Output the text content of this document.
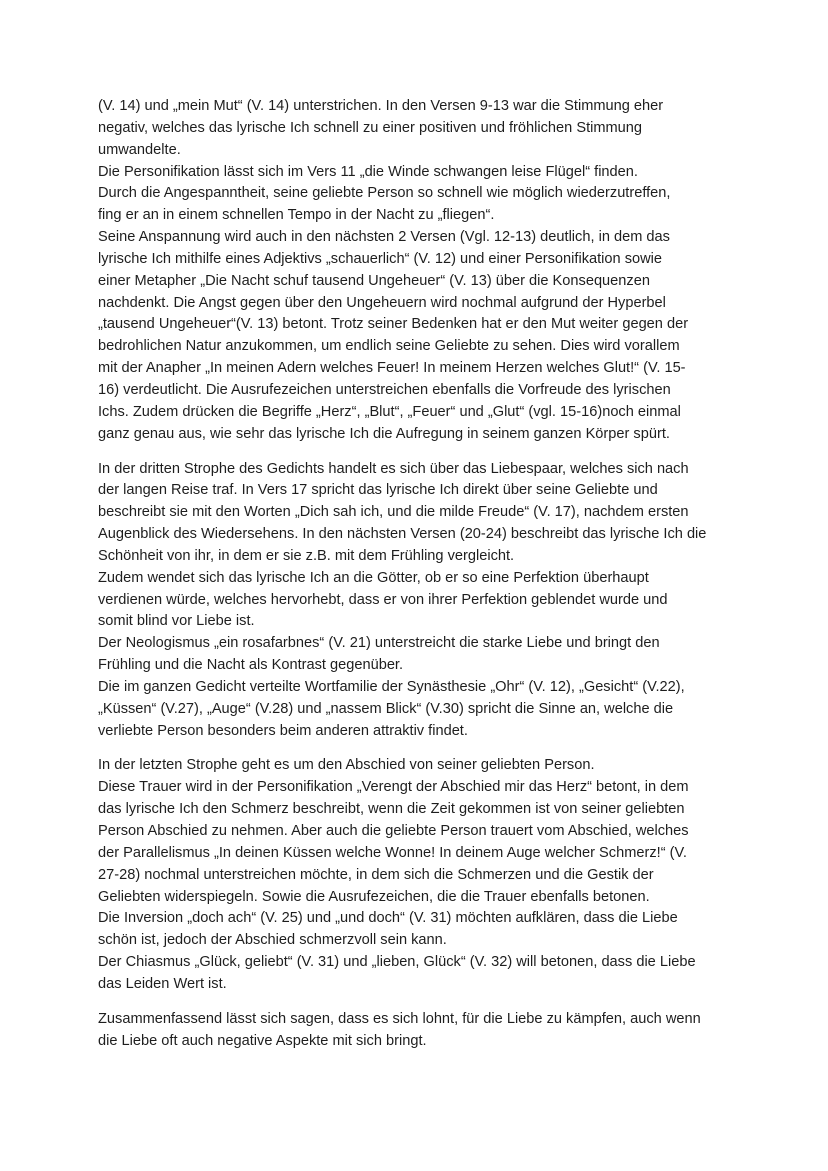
(V. 14) und „mein Mut“ (V. 14) unterstrichen. In den Versen 9-13 war die Stimmung eher
negativ, welches das lyrische Ich schnell zu einer positiven und fröhlichen Stimmung
umwandelte.
Die Personifikation lässt sich im Vers 11 „die Winde schwangen leise Flügel“ finden.
Durch die Angespanntheit, seine geliebte Person so schnell wie möglich wiederzutreffen,
fing er an in einem schnellen Tempo in der Nacht zu „fliegen“.
Seine Anspannung wird auch in den nächsten 2 Versen (Vgl. 12-13) deutlich, in dem das
lyrische Ich mithilfe eines Adjektivs „schauerlich“ (V. 12) und einer Personifikation sowie
einer Metapher „Die Nacht schuf tausend Ungeheuer“ (V. 13) über die Konsequenzen
nachdenkt. Die Angst gegen über den Ungeheuern wird nochmal aufgrund der Hyperbel
„tausend Ungeheuer“(V. 13) betont. Trotz seiner Bedenken hat er den Mut weiter gegen der
bedrohlichen Natur anzukommen, um endlich seine Geliebte zu sehen. Dies wird vorallem
mit der Anapher „In meinen Adern welches Feuer! In meinem Herzen welches Glut!“ (V. 15-
16) verdeutlicht. Die Ausrufezeichen unterstreichen ebenfalls die Vorfreude des lyrischen
Ichs. Zudem drücken die Begriffe „Herz“, „Blut“, „Feuer“ und „Glut“ (vgl. 15-16)noch einmal
ganz genau aus, wie sehr das lyrische Ich die Aufregung in seinem ganzen Körper spürt.
In der dritten Strophe des Gedichts handelt es sich über das Liebespaar, welches sich nach
der langen Reise traf. In Vers 17 spricht das lyrische Ich direkt über seine Geliebte und
beschreibt sie mit den Worten „Dich sah ich, und die milde Freude“ (V. 17), nachdem ersten
Augenblick des Wiedersehens. In den nächsten Versen (20-24) beschreibt das lyrische Ich die
Schönheit von ihr, in dem er sie z.B. mit dem Frühling vergleicht.
Zudem wendet sich das lyrische Ich an die Götter, ob er so eine Perfektion überhaupt
verdienen würde, welches hervorhebt, dass er von ihrer Perfektion geblendet wurde und
somit blind vor Liebe ist.
Der Neologismus „ein rosafarbnes“ (V. 21) unterstreicht die starke Liebe und bringt den
Frühling und die Nacht als Kontrast gegenüber.
Die im ganzen Gedicht verteilte Wortfamilie der Synästhesie „Ohr“ (V. 12), „Gesicht“ (V.22),
„Küssen“ (V.27), „Auge“ (V.28) und „nassem Blick“ (V.30) spricht die Sinne an, welche die
verliebte Person besonders beim anderen attraktiv findet.
In der letzten Strophe geht es um den Abschied von seiner geliebten Person.
Diese Trauer wird in der Personifikation „Verengt der Abschied mir das Herz“ betont, in dem
das lyrische Ich den Schmerz beschreibt, wenn die Zeit gekommen ist von seiner geliebten
Person Abschied zu nehmen. Aber auch die geliebte Person trauert vom Abschied, welches
der Parallelismus „In deinen Küssen welche Wonne! In deinem Auge welcher Schmerz!“ (V.
27-28) nochmal unterstreichen möchte, in dem sich die Schmerzen und die Gestik der
Geliebten widerspiegeln. Sowie die Ausrufezeichen, die die Trauer ebenfalls betonen.
Die Inversion „doch ach“ (V. 25) und „und doch“ (V. 31) möchten aufklären, dass die Liebe
schön ist, jedoch der Abschied schmerzvoll sein kann.
Der Chiasmus „Glück, geliebt“ (V. 31) und „lieben, Glück“ (V. 32) will betonen, dass die Liebe
das Leiden Wert ist.
Zusammenfassend lässt sich sagen, dass es sich lohnt, für die Liebe zu kämpfen, auch wenn
die Liebe oft auch negative Aspekte mit sich bringt.
